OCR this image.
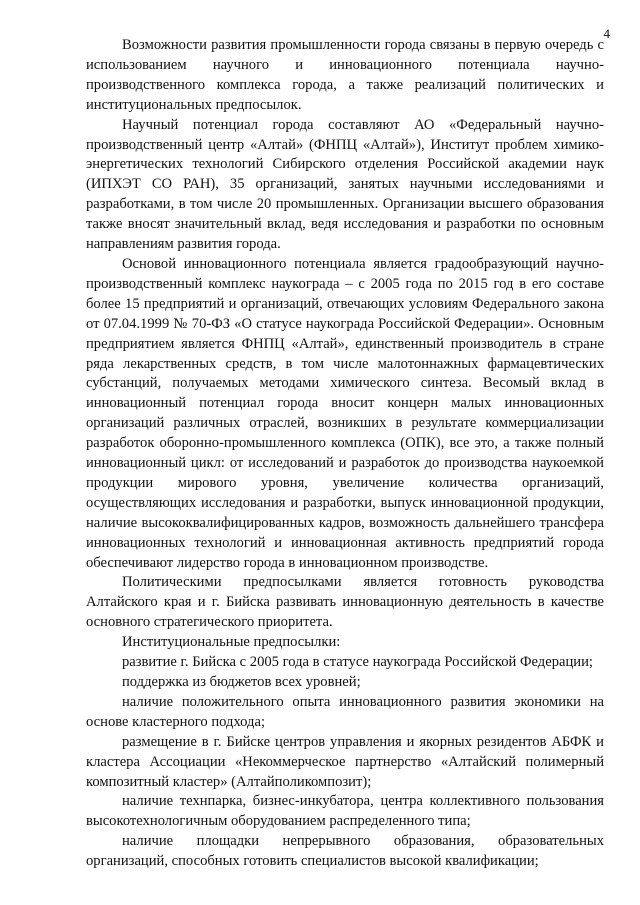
4

Возможности развития промышленности города связаны в первую очередь с использованием научного и инновационного потенциала научно-производственного комплекса города, а также реализаций политических и институциональных предпосылок.

Научный потенциал города составляют АО «Федеральный научно-производственный центр «Алтай» (ФНПЦ «Алтай»), Институт проблем химико-энергетических технологий Сибирского отделения Российской академии наук (ИПХЭТ СО РАН), 35 организаций, занятых научными исследованиями и разработками, в том числе 20 промышленных. Организации высшего образования также вносят значительный вклад, ведя исследования и разработки по основным направлениям развития города.

Основой инновационного потенциала является градообразующий научно-производственный комплекс наукограда – с 2005 года по 2015 год в его составе более 15 предприятий и организаций, отвечающих условиям Федерального закона от 07.04.1999 № 70-ФЗ «О статусе наукограда Российской Федерации». Основным предприятием является ФНПЦ «Алтай», единственный производитель в стране ряда лекарственных средств, в том числе малотоннажных фармацевтических субстанций, получаемых методами химического синтеза. Весомый вклад в инновационный потенциал города вносит концерн малых инновационных организаций различных отраслей, возникших в результате коммерциализации разработок оборонно-промышленного комплекса (ОПК), все это, а также полный инновационный цикл: от исследований и разработок до производства наукоемкой продукции мирового уровня, увеличение количества организаций, осуществляющих исследования и разработки, выпуск инновационной продукции, наличие высококвалифицированных кадров, возможность дальнейшего трансфера инновационных технологий и инновационная активность предприятий города обеспечивают лидерство города в инновационном производстве.

Политическими предпосылками является готовность руководства Алтайского края и г. Бийска развивать инновационную деятельность в качестве основного стратегического приоритета.

Институциональные предпосылки:

развитие г. Бийска с 2005 года в статусе наукограда Российской Федерации;

поддержка из бюджетов всех уровней;

наличие положительного опыта инновационного развития экономики на основе кластерного подхода;

размещение в г. Бийске центров управления и якорных резидентов АБФК и кластера Ассоциации «Некоммерческое партнерство «Алтайский полимерный композитный кластер» (Алтайполикомпозит);

наличие технпарка, бизнес-инкубатора, центра коллективного пользования высокотехнологичным оборудованием распределенного типа;

наличие площадки непрерывного образования, образовательных организаций, способных готовить специалистов высокой квалификации;
